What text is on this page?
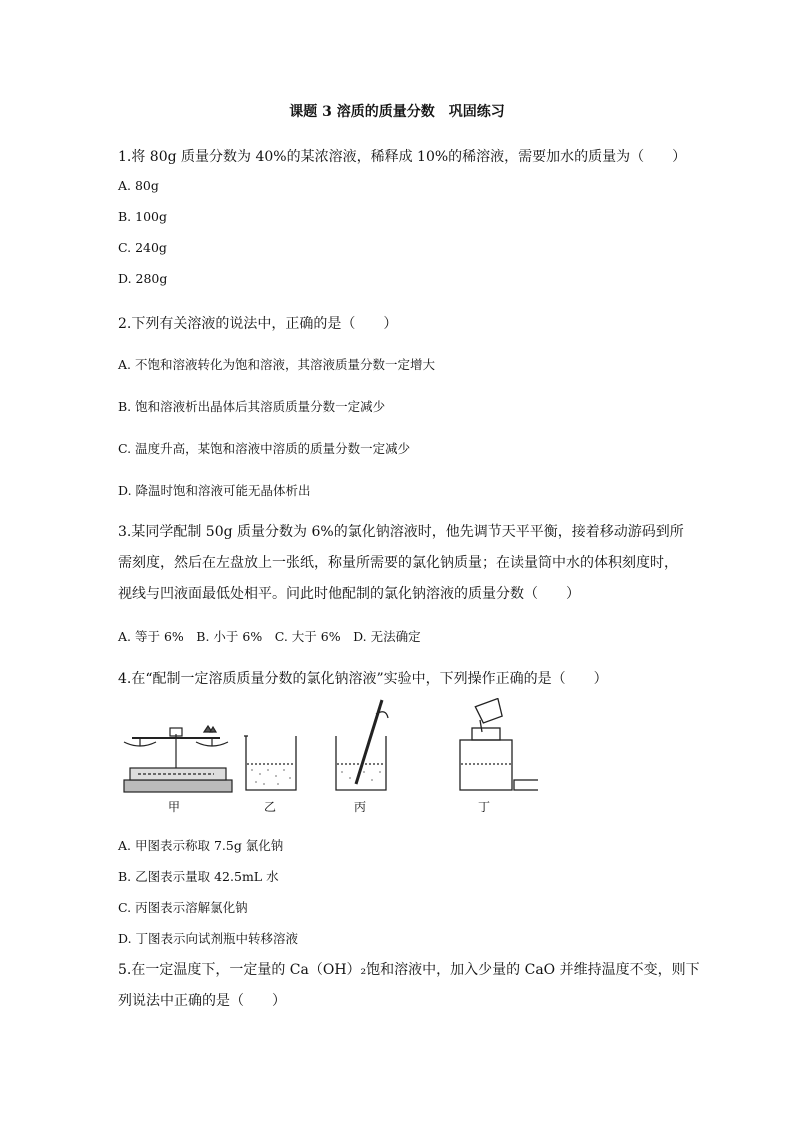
课题 3 溶质的质量分数　巩固练习
1.将 80g 质量分数为 40%的某浓溶液，稀释成 10%的稀溶液，需要加水的质量为（　　）
A. 80g
B. 100g
C. 240g
D. 280g
2.下列有关溶液的说法中，正确的是（　　）
A. 不饱和溶液转化为饱和溶液，其溶液质量分数一定增大
B. 饱和溶液析出晶体后其溶质质量分数一定减少
C. 温度升高，某饱和溶液中溶质的质量分数一定减少
D. 降温时饱和溶液可能无晶体析出
3.某同学配制 50g 质量分数为 6%的氯化钠溶液时，他先调节天平平衡，接着移动游码到所
需刻度，然后在左盘放上一张纸，称量所需要的氯化钠质量；在读量筒中水的体积刻度时，
视线与凹液面最低处相平。问此时他配制的氯化钠溶液的质量分数（　　）
A. 等于 6%　B. 小于 6%　C. 大于 6%　D. 无法确定
4.在“配制一定溶质质量分数的氯化钠溶液”实验中，下列操作正确的是（　　）
甲	乙	丙	丁
A. 甲图表示称取 7.5g 氯化钠
B. 乙图表示量取 42.5mL 水
C. 丙图表示溶解氯化钠
D. 丁图表示向试剂瓶中转移溶液
5.在一定温度下，一定量的 Ca（OH）₂饱和溶液中，加入少量的 CaO 并维持温度不变，则下
列说法中正确的是（　　）
